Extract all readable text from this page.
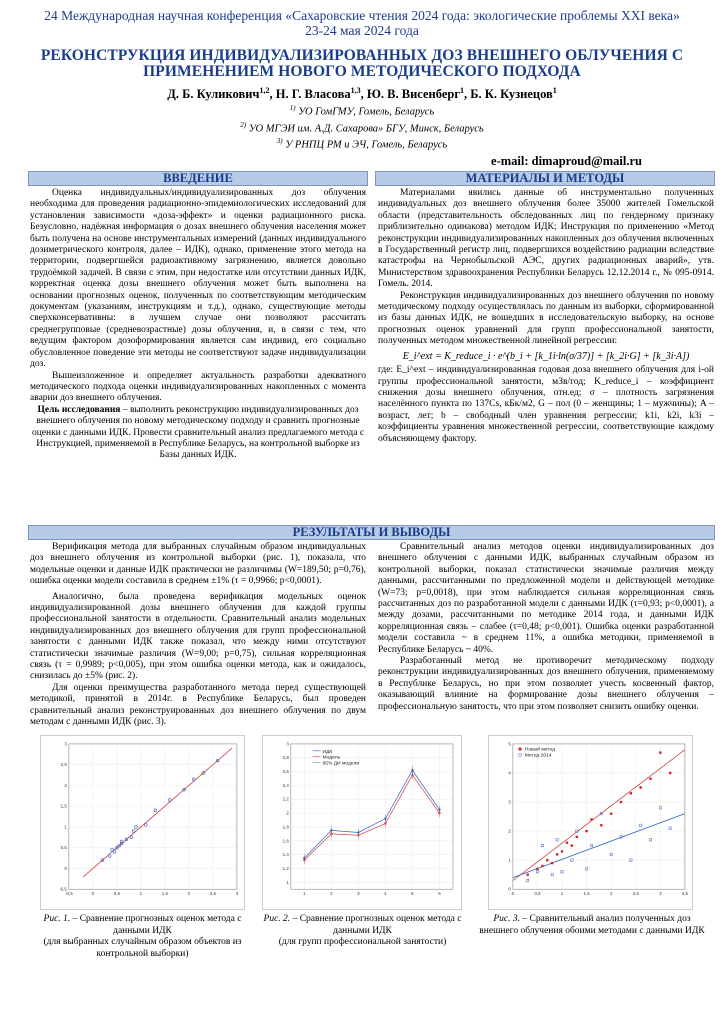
24 Международная научная конференция «Сахаровские чтения 2024 года: экологические проблемы XXI века»
23-24 мая 2024 года
РЕКОНСТРУКЦИЯ ИНДИВИДУАЛИЗИРОВАННЫХ ДОЗ ВНЕШНЕГО ОБЛУЧЕНИЯ С
ПРИМЕНЕНИЕМ НОВОГО МЕТОДИЧЕСКОГО ПОДХОДА
Д. Б. Куликович$^{1,2}$, Н. Г. Власова$^{1,3}$, Ю. В. Висенберг$^1$, Б. К. Кузнецов$^1$
$^{1)}$ УО ГомГМУ, Гомель, Беларусь
$^{2)}$ УО МГЭИ им. А.Д. Сахарова» БГУ, Минск, Беларусь
$^{3)}$ У РНПЦ РМ и ЭЧ, Гомель, Беларусь
e-mail: dimaproud@mail.ru
ВВЕДЕНИЕ	МАТЕРИАЛЫ И МЕТОДЫ

Оценка индивидуальных/индивидуализированных доз облучения необходима для проведения радиационно-эпидемиологических исследований для установления зависимости «доза-эффект» и оценки радиационного риска. Безусловно, надёжная информация о дозах внешнего облучения населения может быть получена на основе инструментальных измерений (данных индивидуального дозиметрического контроля, далее – ИДК), однако, применение этого метода на территории, подвергшейся радиоактивному загрязнению, является довольно трудоёмкой задачей. В связи с этим, при недостатке или отсутствии данных ИДК, корректная оценка дозы внешнего облучения может быть выполнена на основании прогнозных оценок, полученных по соответствующим методическим документам (указаниям, инструкциям и т.д.), однако, существующие методы сверхконсервативны: в лучшем случае они позволяют рассчитать среднегрупповые (средневозрастные) дозы облучения, и, в связи с тем, что ведущим фактором дозоформирования является сам индивид, его социально обусловленное поведение эти методы не соответствуют задаче индивидуализации доз.

Вышеизложенное и определяет актуальность разработки адекватного методического подхода оценки индивидуализированных накопленных с момента аварии доз внешнего облучения.

Цель исследования – выполнить реконструкцию индивидуализированных доз внешнего облучения по новому методическому подходу и сравнить прогнозные оценки с данными ИДК. Провести сравнительный анализ предлагаемого метода с Инструкцией, применяемой в Республике Беларусь, на контрольной выборке из Базы данных ИДК.

Материалами явились данные об инструментально полученных индивидуальных доз внешнего облучения более 35000 жителей Гомельской области (представительность обследованных лиц по гендерному признаку приблизительно одинакова) методом ИДК; Инструкция по применению «Метод реконструкции индивидуализированных накопленных доз облучения включенных в Государственный регистр лиц, подвергшихся воздействию радиации вследствие катастрофы на Чернобыльской АЭС, других радиационных аварий», утв. Министерством здравоохранения Республики Беларусь 12.12.2014 г., № 095-0914. Гомель. 2014.

Реконструкция индивидуализированных доз внешнего облучения по новому методическому подходу осуществлялась по данным из выборки, сформированной из базы данных ИДК, не вошедших в исследовательскую выборку, на основе прогнозных оценок уравнений для групп профессиональной занятости, полученных методом множественной линейной регрессии:

E_i^ext = K_reduce_i · e^(b_i + [k_1i·ln(σ/37)] + [k_2i·G] + [k_3i·A])

где: E_i^ext – индивидуализированная годовая доза внешнего облучения для i-ой группы профессиональной занятости, мЗв/год; K_reduce_i – коэффициент снижения дозы внешнего облучения, отн.ед; σ – плотность загрязнения населённого пункта по 137Cs, кБк/м2, G – пол (0 – женщины; 1 – мужчины); A – возраст, лет; b – свободный член уравнения регрессии; k1i, k2i, k3i – коэффициенты уравнения множественной регрессии, соответствующие каждому объясняющему фактору.

РЕЗУЛЬТАТЫ И ВЫВОДЫ

Верификация метода для выбранных случайным образом индивидуальных доз внешнего облучения из контрольной выборки (рис. 1), показала, что модельные оценки и данные ИДК практически не различимы (W=189,50; p=0,76), ошибка оценки модели составила в среднем ±1% (τ = 0,9966; p<0,0001).

Аналогично, была проведена верификация модельных оценок индивидуализированной дозы внешнего облучения для каждой группы профессиональной занятости в отдельности. Сравнительный анализ модельных индивидуализированных доз внешнего облучения для групп профессиональной занятости с данными ИДК также показал, что между ними отсутствуют статистически значимые различия (W=9,00; p=0,75), сильная корреляционная связь (τ = 0,9989; p<0,005), при этом ошибка оценки метода, как и ожидалось, снизилась до ±5% (рис. 2).

Для оценки преимущества разработанного метода перед существующей методикой, принятой в 2014г. в Республике Беларусь, был проведен сравнительный анализ реконструированных доз внешнего облучения по двум методам с данными ИДК (рис. 3).

Сравнительный анализ методов оценки индивидуализированных доз внешнего облучения с данными ИДК, выбранных случайным образом из контрольной выборки, показал статистически значимые различия между данными, рассчитанными по предложенной модели и действующей методике (W=73; p=0,0018), при этом наблюдается сильная корреляционная связь рассчитанных доз по разработанной модели с данными ИДК (τ=0,93; p<0,0001), а между дозами, рассчитанными по методике 2014 года, и данными ИДК корреляционная связь – слабее (τ=0,48; p<0,001). Ошибка оценки разработанной модели составила ~ в среднем 11%, а ошибка методики, применяемой в Республике Беларусь ~ 40%.

Разработанный метод не противоречит методическому подходу реконструкции индивидуализированных доз внешнего облучения, применяемому в Республике Беларусь, но при этом позволяет учесть косвенный фактор, оказывающий влияние на формирование дозы внешнего облучения – профессиональную занятость, что при этом позволяет снизить ошибку оценки.

-0,5
0
0,5
1
1,5
2
2,5
3
-0,5	0	0,5	1	1,5	2	2,5	3
Рис. 1. – Сравнение прогнозных оценок метода с данными ИДК
(для выбранных случайным образом объектов из контрольной выборки)
1
1,2
1,4
1,6
1,8
2
2,2
2,4
2,6
2,8
3
1	2	3	4	5	6
ИДК
Модель
95% ДИ модели
Рис. 2. – Сравнение прогнозных оценок метода с данными ИДК
(для групп профессиональной занятости)
0
1
2
3
4
5
0	0,5	1	1,5	2	2,5	3	3,5
Новый метод
Метод 2014
Рис. 3. – Сравнительный анализ полученных доз внешнего облучения обоими методами с данными ИДК
